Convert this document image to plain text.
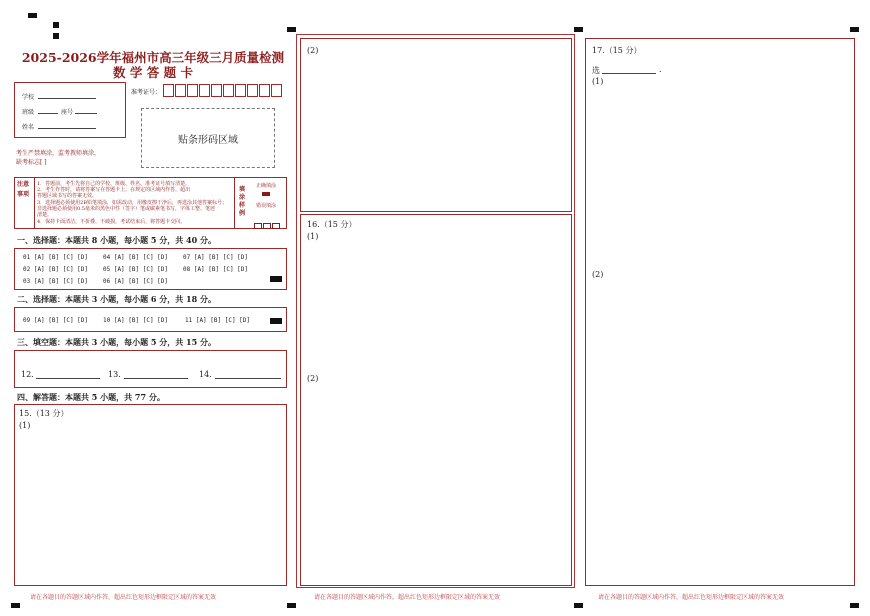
2025-2026学年福州市高三年级三月质量检测
数 学 答 题 卡
学校
班级	座号
姓名
准考证号：
贴条形码区域
考生严禁填涂，监考教师填涂，
缺考标志[ ]
注意事项
1．答题前，考生先将自己的学校、班级、姓名、准考证号填写清楚。
2．考生作答时，请将答案写在答题卡上，在规定的区域内作答，超出
答题区域书写的答案无效。
3．选择题必须使用2B铅笔填涂，如需改动，用橡皮擦干净后，再选涂其他答案标号；
非选择题必须使用0.5毫米的黑色中性（签字）笔或碳素笔书写，字体工整、笔迹
清楚。
4．保持卡面清洁，不折叠，不破损，考试结束后，将答题卡交回。
填涂样例
正确填涂
错误填涂
一、选择题：本题共 8 小题，每小题 5 分，共 40 分。
01 [A] [B] [C] [D] 04 [A] [B] [C] [D] 07 [A] [B] [C] [D]
02 [A] [B] [C] [D] 05 [A] [B] [C] [D] 08 [A] [B] [C] [D]
03 [A] [B] [C] [D] 06 [A] [B] [C] [D]
二、选择题：本题共 3 小题，每小题 6 分，共 18 分。
09 [A] [B] [C] [D] 10 [A] [B] [C] [D]	11 [A] [B] [C] [D]
三、填空题：本题共 3 小题，每小题 5 分，共 15 分。
12.	13.	14.
四、解答题：本题共 5 小题，共 77 分。
15.（13 分）
(1)
请在各题目的答题区域内作答，超出红色矩形边框限定区域的答案无效
(2)
16.（15 分）
(1)
(2)
请在各题目的答题区域内作答，超出红色矩形边框限定区域的答案无效
17.（15 分）
选	.
(1)
(2)
请在各题目的答题区域内作答，超出红色矩形边框限定区域的答案无效
